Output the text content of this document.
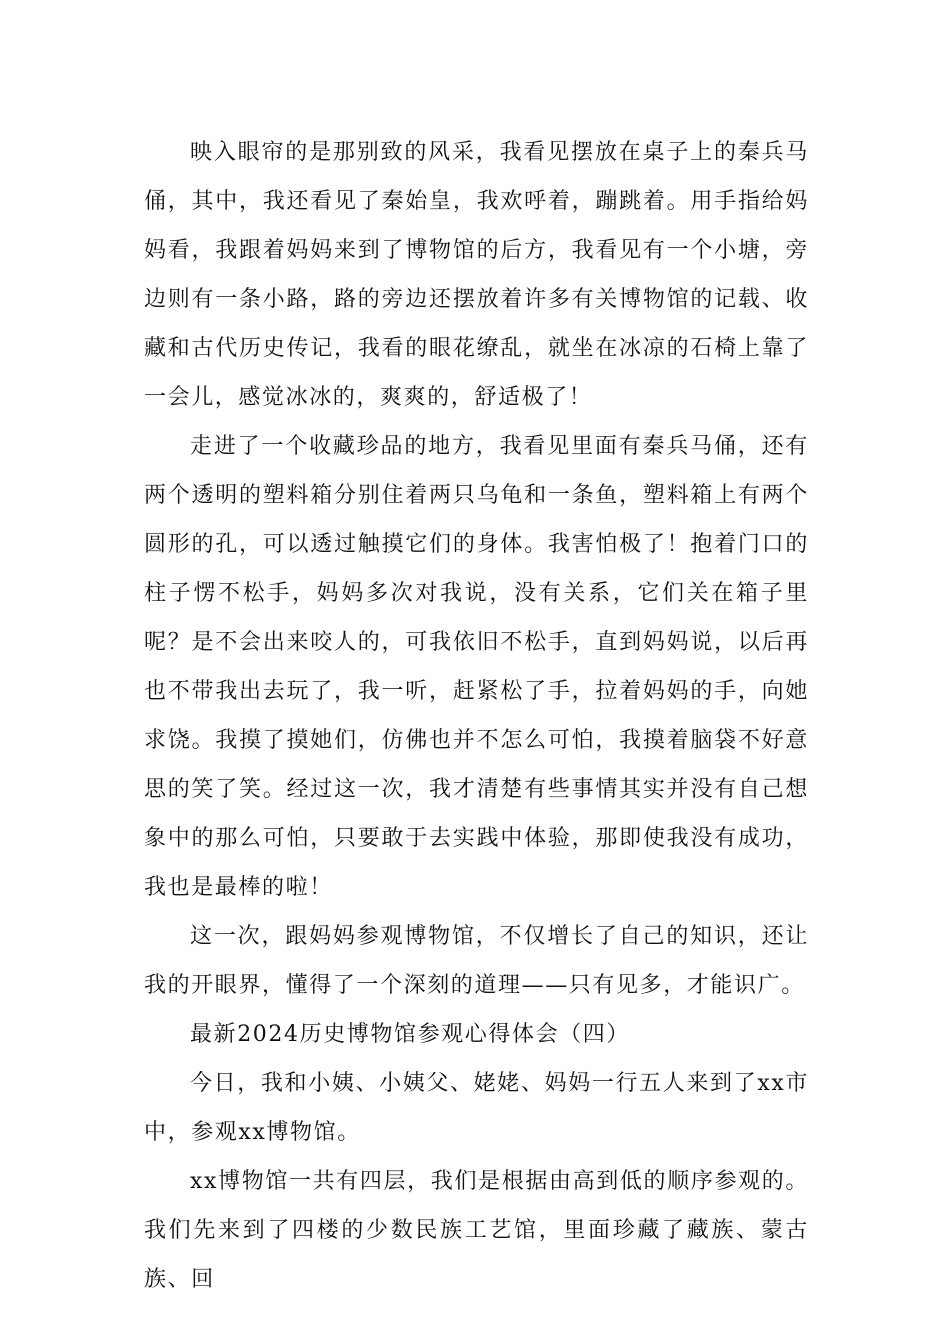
映入眼帘的是那别致的风采，我看见摆放在桌子上的秦兵马俑，其中，我还看见了秦始皇，我欢呼着，蹦跳着。用手指给妈妈看，我跟着妈妈来到了博物馆的后方，我看见有一个小塘，旁边则有一条小路，路的旁边还摆放着许多有关博物馆的记载、收藏和古代历史传记，我看的眼花缭乱，就坐在冰凉的石椅上靠了一会儿，感觉冰冰的，爽爽的，舒适极了！

走进了一个收藏珍品的地方，我看见里面有秦兵马俑，还有两个透明的塑料箱分别住着两只乌龟和一条鱼，塑料箱上有两个圆形的孔，可以透过触摸它们的身体。我害怕极了！抱着门口的柱子愣不松手，妈妈多次对我说，没有关系，它们关在箱子里呢？是不会出来咬人的，可我依旧不松手，直到妈妈说，以后再也不带我出去玩了，我一听，赶紧松了手，拉着妈妈的手，向她求饶。我摸了摸她们，仿佛也并不怎么可怕，我摸着脑袋不好意思的笑了笑。经过这一次，我才清楚有些事情其实并没有自己想象中的那么可怕，只要敢于去实践中体验，那即使我没有成功，我也是最棒的啦！

这一次，跟妈妈参观博物馆，不仅增长了自己的知识，还让我的开眼界，懂得了一个深刻的道理——只有见多，才能识广。

最新2024历史博物馆参观心得体会（四）

今日，我和小姨、小姨父、姥姥、妈妈一行五人来到了xx市中，参观xx博物馆。

xx博物馆一共有四层，我们是根据由高到低的顺序参观的。我们先来到了四楼的少数民族工艺馆，里面珍藏了藏族、蒙古族、回
